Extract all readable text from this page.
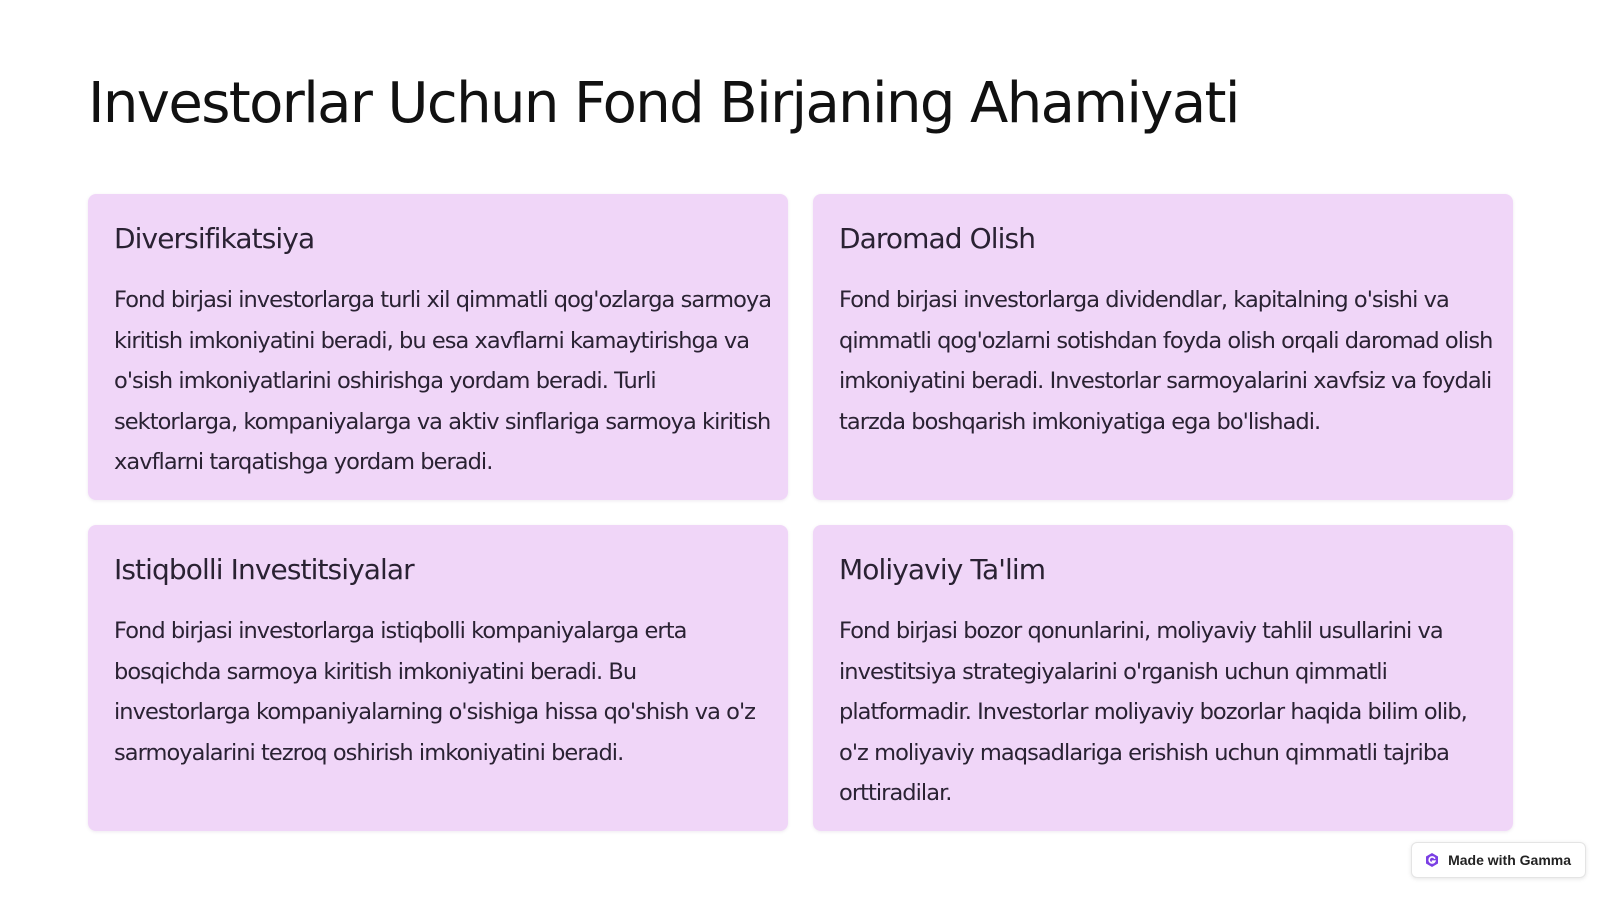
Investorlar Uchun Fond Birjaning Ahamiyati
Diversifikatsiya

Fond birjasi investorlarga turli xil qimmatli qog'ozlarga sarmoya kiritish imkoniyatini beradi, bu esa xavflarni kamaytirishga va o'sish imkoniyatlarini oshirishga yordam beradi. Turli sektorlarga, kompaniyalarga va aktiv sinflariga sarmoya kiritish xavflarni tarqatishga yordam beradi.

Daromad Olish

Fond birjasi investorlarga dividendlar, kapitalning o'sishi va qimmatli qog'ozlarni sotishdan foyda olish orqali daromad olish imkoniyatini beradi. Investorlar sarmoyalarini xavfsiz va foydali tarzda boshqarish imkoniyatiga ega bo'lishadi.

Istiqbolli Investitsiyalar

Fond birjasi investorlarga istiqbolli kompaniyalarga erta bosqichda sarmoya kiritish imkoniyatini beradi. Bu investorlarga kompaniyalarning o'sishiga hissa qo'shish va o'z sarmoyalarini tezroq oshirish imkoniyatini beradi.

Moliyaviy Ta'lim

Fond birjasi bozor qonunlarini, moliyaviy tahlil usullarini va investitsiya strategiyalarini o'rganish uchun qimmatli platformadir. Investorlar moliyaviy bozorlar haqida bilim olib, o'z moliyaviy maqsadlariga erishish uchun qimmatli tajriba orttiradilar.

Made with Gamma
